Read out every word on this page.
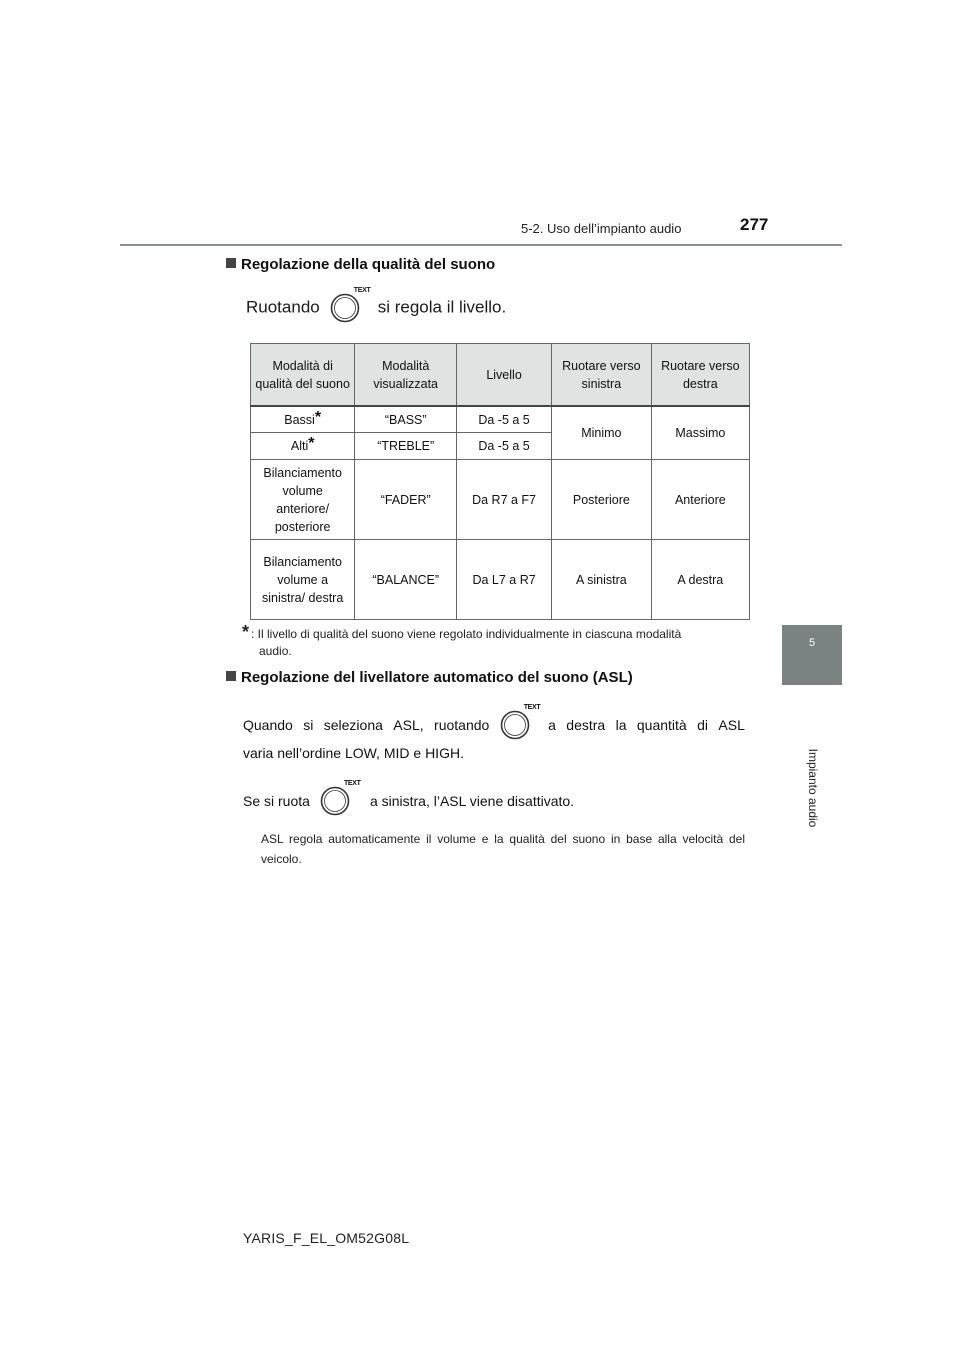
5-2. Uso dell’impianto audio	277
5
Impianto audio
Regolazione della qualità del suono
Ruotando
TEXT
si regola il livello.
Modalità di qualità del suono	Modalità visualizzata	Livello	Ruotare verso sinistra	Ruotare verso destra
Bassi*	“BASS”	Da -5 a 5	Minimo	Massimo
Alti*	“TREBLE”	Da -5 a 5		
Bilanciamento volume anteriore/ posteriore	“FADER”	Da R7 a F7	Posteriore	Anteriore
Bilanciamento volume a sinistra/ destra	“BALANCE”	Da L7 a R7	A sinistra	A destra
* : Il livello di qualità del suono viene regolato individualmente in ciascuna modalità
audio.
Regolazione del livellatore automatico del suono (ASL)
Quando si seleziona ASL, ruotando
TEXT
a destra la quantità di ASL
varia nell’ordine LOW, MID e HIGH.
Se si ruota
TEXT
a sinistra, l’ASL viene disattivato.
ASL regola automaticamente il volume e la qualità del suono in base alla velocità del veicolo.
YARIS_F_EL_OM52G08L
